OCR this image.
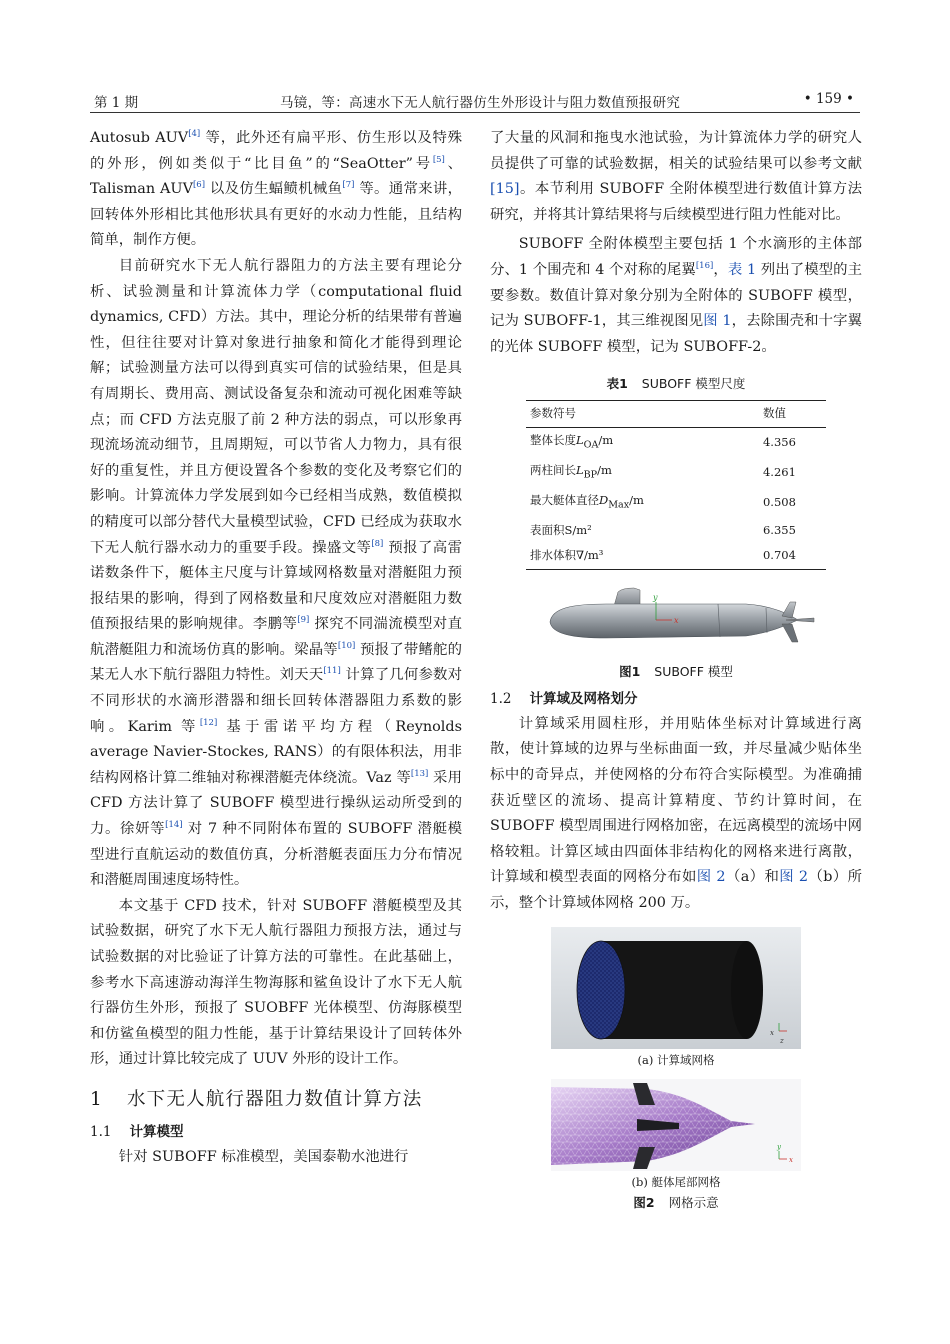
第 1 期	马镜，等：高速水下无人航行器仿生外形设计与阻力数值预报研究	• 159 •

Autosub AUV[4] 等，此外还有扁平形、仿生形以及特殊的外形，例如类似于“比目鱼”的“SeaOtter”号[5]、Talisman AUV[6] 以及仿生蝠鲼机械鱼[7] 等。通常来讲，回转体外形相比其他形状具有更好的水动力性能，且结构简单，制作方便。

目前研究水下无人航行器阻力的方法主要有理论分析、试验测量和计算流体力学（computational fluid dynamics, CFD）方法。其中，理论分析的结果带有普遍性，但往往要对计算对象进行抽象和简化才能得到理论解；试验测量方法可以得到真实可信的试验结果，但是具有周期长、费用高、测试设备复杂和流动可视化困难等缺点；而 CFD 方法克服了前 2 种方法的弱点，可以形象再现流场流动细节，且周期短，可以节省人力物力，具有很好的重复性，并且方便设置各个参数的变化及考察它们的影响。计算流体力学发展到如今已经相当成熟，数值模拟的精度可以部分替代大量模型试验，CFD 已经成为获取水下无人航行器水动力的重要手段。操盛文等[8] 预报了高雷诺数条件下，艇体主尺度与计算域网格数量对潜艇阻力预报结果的影响，得到了网格数量和尺度效应对潜艇阻力数值预报结果的影响规律。李鹏等[9] 探究不同湍流模型对直航潜艇阻力和流场仿真的影响。梁晶等[10] 预报了带鳍舵的某无人水下航行器阻力特性。刘天天[11] 计算了几何参数对不同形状的水滴形潜器和细长回转体潜器阻力系数的影响。Karim 等[12] 基于雷诺平均方程（Reynolds average Navier-Stockes, RANS）的有限体积法，用非结构网格计算二维轴对称裸潜艇壳体绕流。Vaz 等[13] 采用 CFD 方法计算了 SUBOFF 模型进行操纵运动所受到的力。徐妍等[14] 对 7 种不同附体布置的 SUBOFF 潜艇模型进行直航运动的数值仿真，分析潜艇表面压力分布情况和潜艇周围速度场特性。

本文基于 CFD 技术，针对 SUBOFF 潜艇模型及其试验数据，研究了水下无人航行器阻力预报方法，通过与试验数据的对比验证了计算方法的可靠性。在此基础上，参考水下高速游动海洋生物海豚和鲨鱼设计了水下无人航行器仿生外形，预报了 SUOBFF 光体模型、仿海豚模型和仿鲨鱼模型的阻力性能，基于计算结果设计了回转体外形，通过计算比较完成了 UUV 外形的设计工作。

1 水下无人航行器阻力数值计算方法
1.1 计算模型

针对 SUBOFF 标准模型，美国泰勒水池进行

了大量的风洞和拖曳水池试验，为计算流体力学的研究人员提供了可靠的试验数据，相关的试验结果可以参考文献 [15]。本节利用 SUBOFF 全附体模型进行数值计算方法研究，并将其计算结果将与后续模型进行阻力性能对比。

SUBOFF 全附体模型主要包括 1 个水滴形的主体部分、1 个围壳和 4 个对称的尾翼[16]，表 1 列出了模型的主要参数。数值计算对象分别为全附体的 SUBOFF 模型，记为 SUBOFF-1，其三维视图见图 1，去除围壳和十字翼的光体 SUBOFF 模型，记为 SUBOFF-2。

表1 SUBOFF 模型尺度
参数符号	数值
整体长度$L_{OA}/m$	4.356
两柱间长$L_{BP}/m$	4.261
最大艇体直径$D_{Max}/m$	0.508
表面积S/m²	6.355
排水体积∇/m³	0.704
y
x
图1 SUBOFF 模型
1.2 计算域及网格划分

计算域采用圆柱形，并用贴体坐标对计算域进行离散，使计算域的边界与坐标曲面一致，并尽量减少贴体坐标中的奇异点，并使网格的分布符合实际模型。为准确捕获近壁区的流场、提高计算精度、节约计算时间，在 SUBOFF 模型周围进行网格加密，在远离模型的流场中网格较粗。计算区域由四面体非结构化的网格来进行离散，计算域和模型表面的网格分布如图 2（a）和图 2（b）所示，整个计算域体网格 200 万。

x
z
(a) 计算域网格
y
x
(b) 艇体尾部网格
图2 网格示意
